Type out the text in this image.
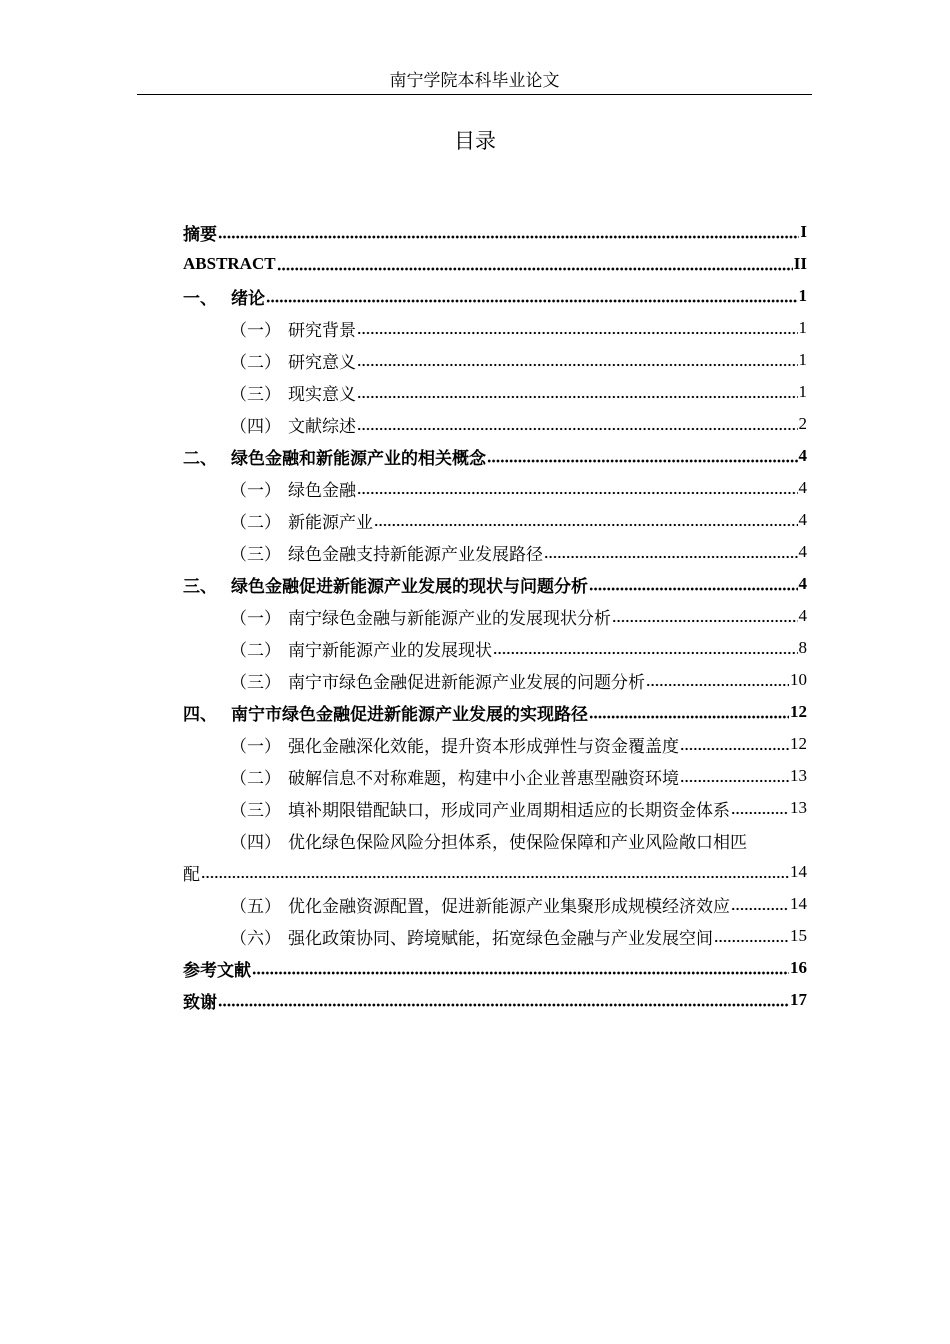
南宁学院本科毕业论文
目录
摘要	I
ABSTRACT	II
一、 绪论	1
（一） 研究背景	1
（二） 研究意义	1
（三） 现实意义	1
（四） 文献综述	2
二、 绿色金融和新能源产业的相关概念	4
（一） 绿色金融	4
（二） 新能源产业	4
（三） 绿色金融支持新能源产业发展路径	4
三、 绿色金融促进新能源产业发展的现状与问题分析	4
（一） 南宁绿色金融与新能源产业的发展现状分析	4
（二） 南宁新能源产业的发展现状	8
（三） 南宁市绿色金融促进新能源产业发展的问题分析	10
四、 南宁市绿色金融促进新能源产业发展的实现路径	12
（一） 强化金融深化效能，提升资本形成弹性与资金覆盖度	12
（二） 破解信息不对称难题，构建中小企业普惠型融资环境	13
（三） 填补期限错配缺口，形成同产业周期相适应的长期资金体系	13
（四） 优化绿色保险风险分担体系，使保险保障和产业风险敞口相匹
配	14
（五） 优化金融资源配置，促进新能源产业集聚形成规模经济效应	14
（六） 强化政策协同、跨境赋能，拓宽绿色金融与产业发展空间	15
参考文献	16
致谢	17
